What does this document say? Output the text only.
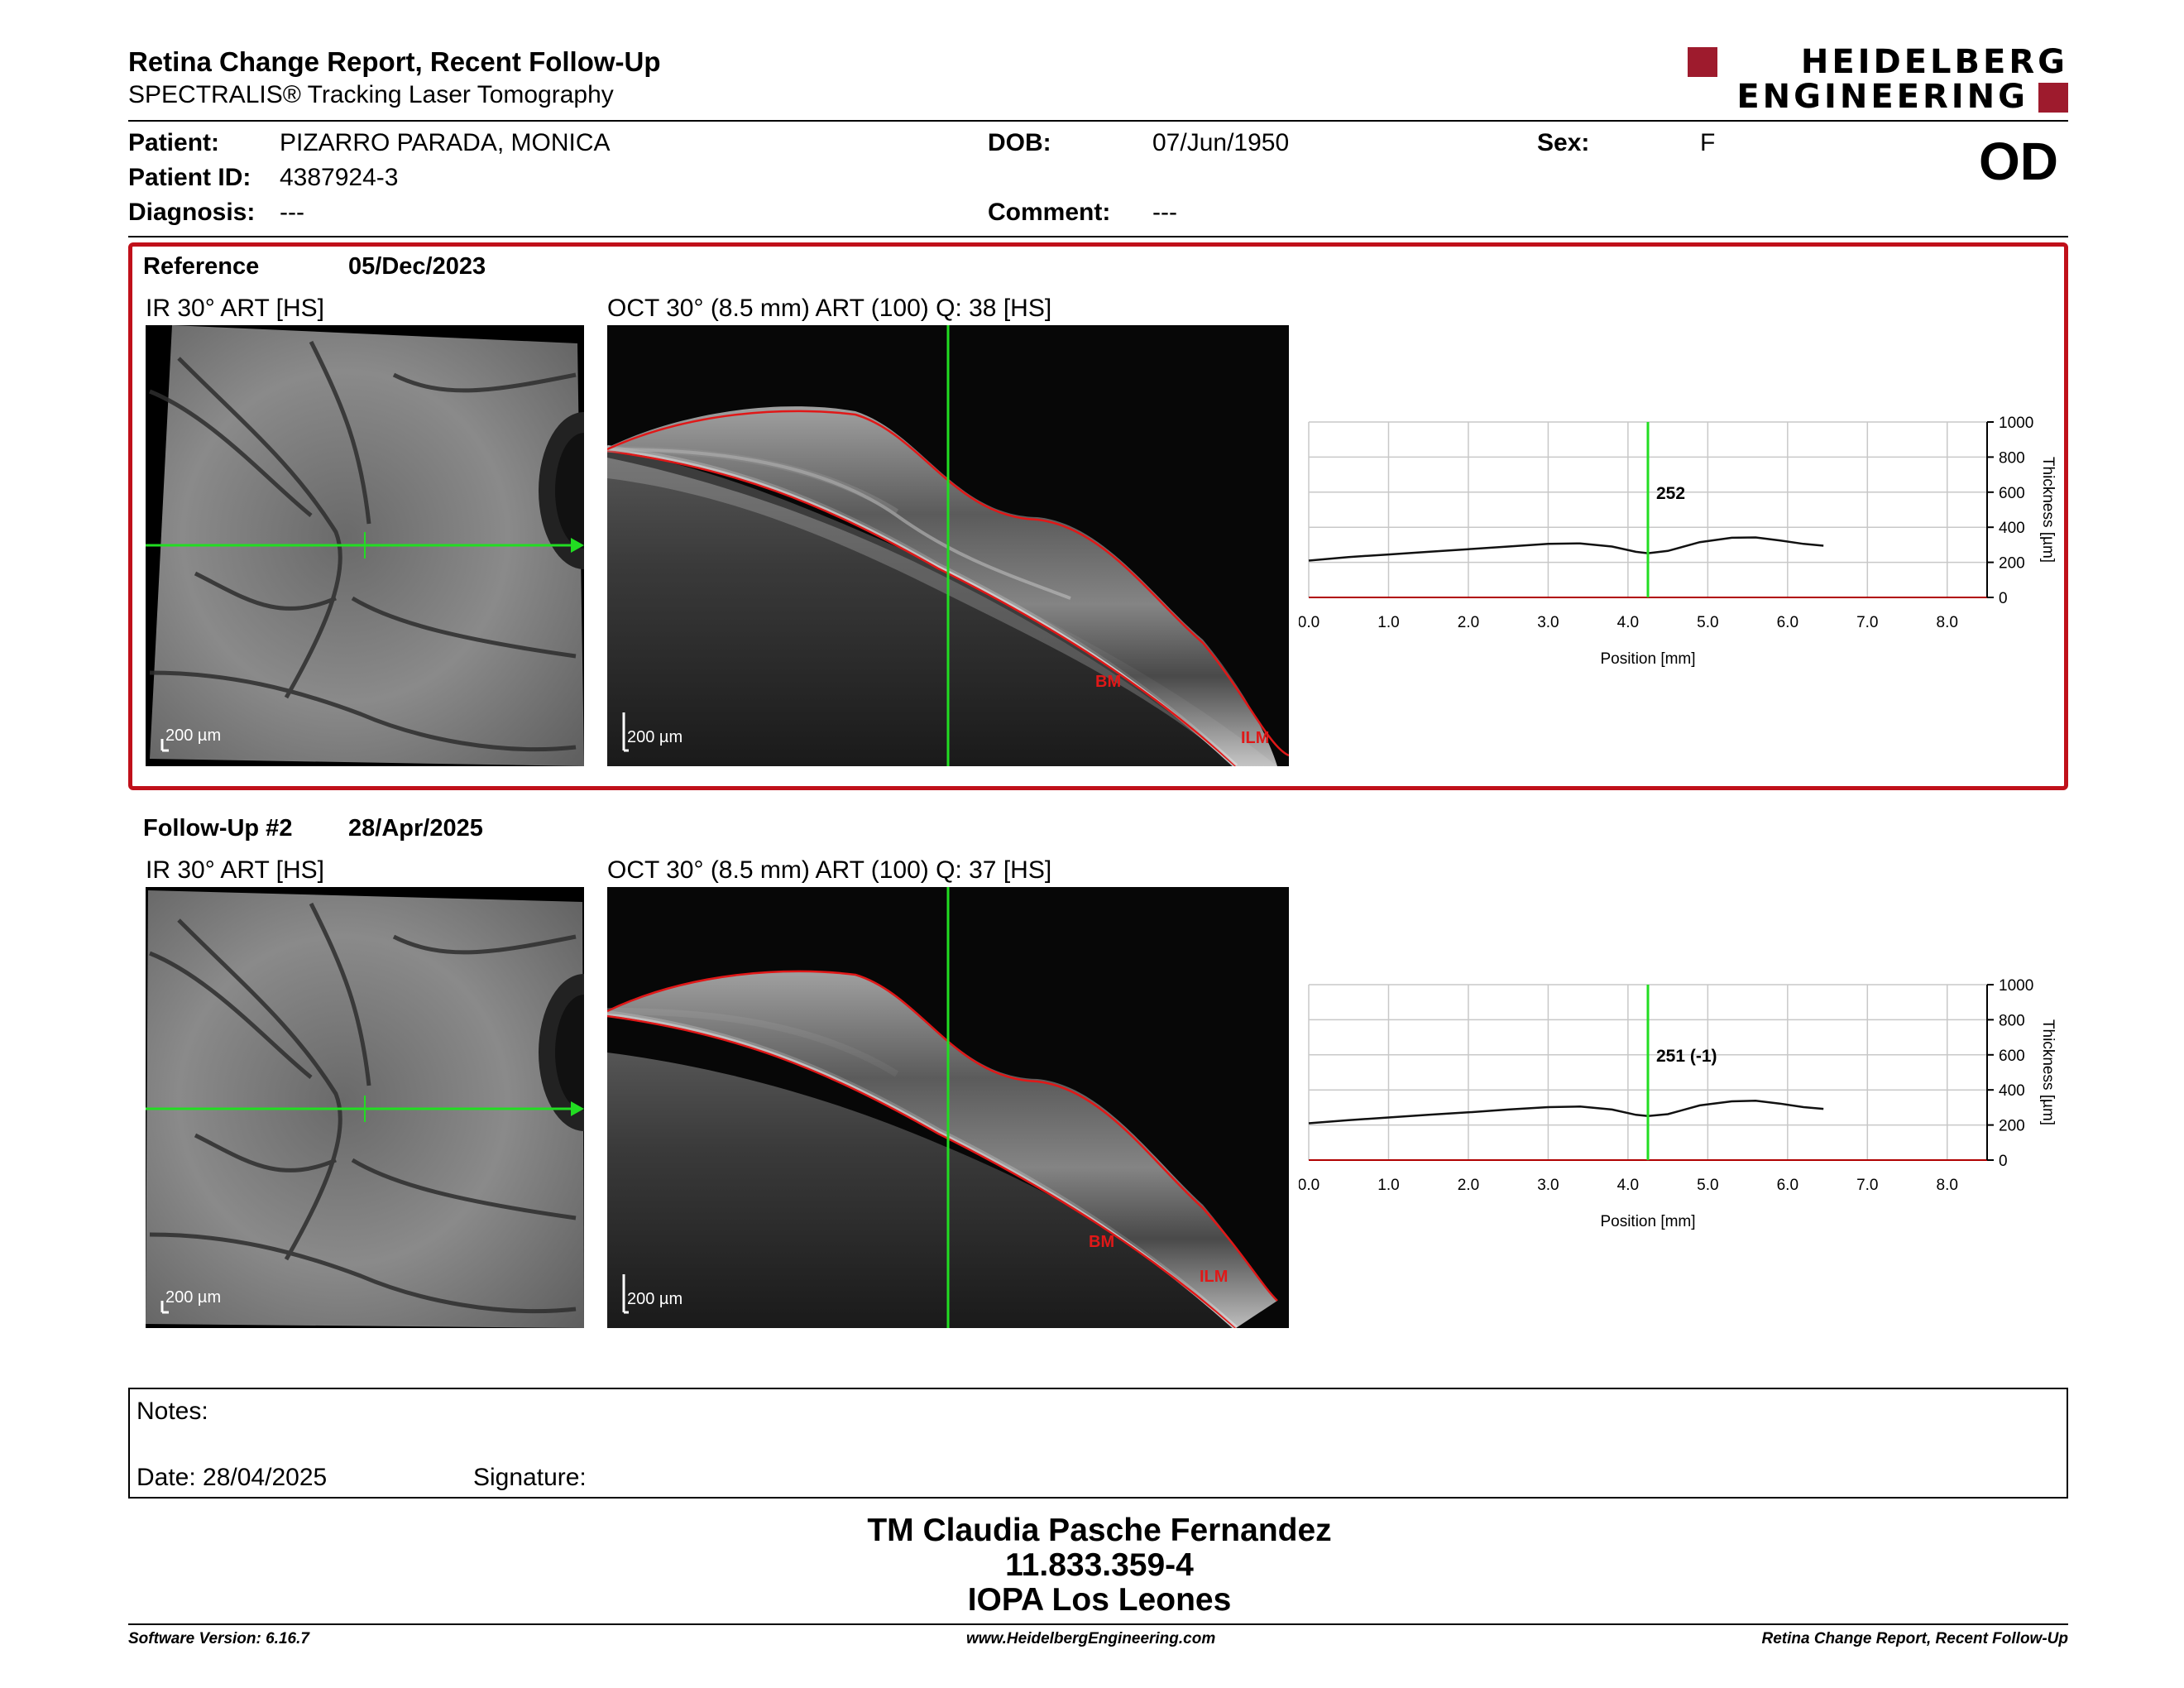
Retina Change Report, Recent Follow-Up
SPECTRALIS® Tracking Laser Tomography
HEIDELBERG
ENGINEERING
Patient: PIZARRO PARADA, MONICA
Patient ID: 4387924-3
Diagnosis: ---
DOB:	07/Jun/1950
Comment: ---
Sex:	F	OD
Reference	05/Dec/2023
IR 30° ART [HS]	OCT 30° (8.5 mm) ART (100) Q: 38 [HS]
200 µm	200 µm
BM
ILM
0
200
400
600
800
1000
0.0	1.0	2.0	3.0	4.0	5.0	6.0	7.0	8.0
Position [mm]
Thickness [µm]
252
Follow-Up #2 28/Apr/2025
IR 30° ART [HS]	OCT 30° (8.5 mm) ART (100) Q: 37 [HS]
200 µm	200 µm
BM
ILM
0
200
400
600
800
1000
0.0	1.0	2.0	3.0	4.0	5.0	6.0	7.0	8.0
Position [mm]
Thickness [µm]
251 (-1)
Notes:
Date: 28/04/2025	Signature:
TM Claudia Pasche Fernandez
11.833.359-4
IOPA Los Leones
Software Version: 6.16.7	www.HeidelbergEngineering.com	Retina Change Report, Recent Follow-Up
